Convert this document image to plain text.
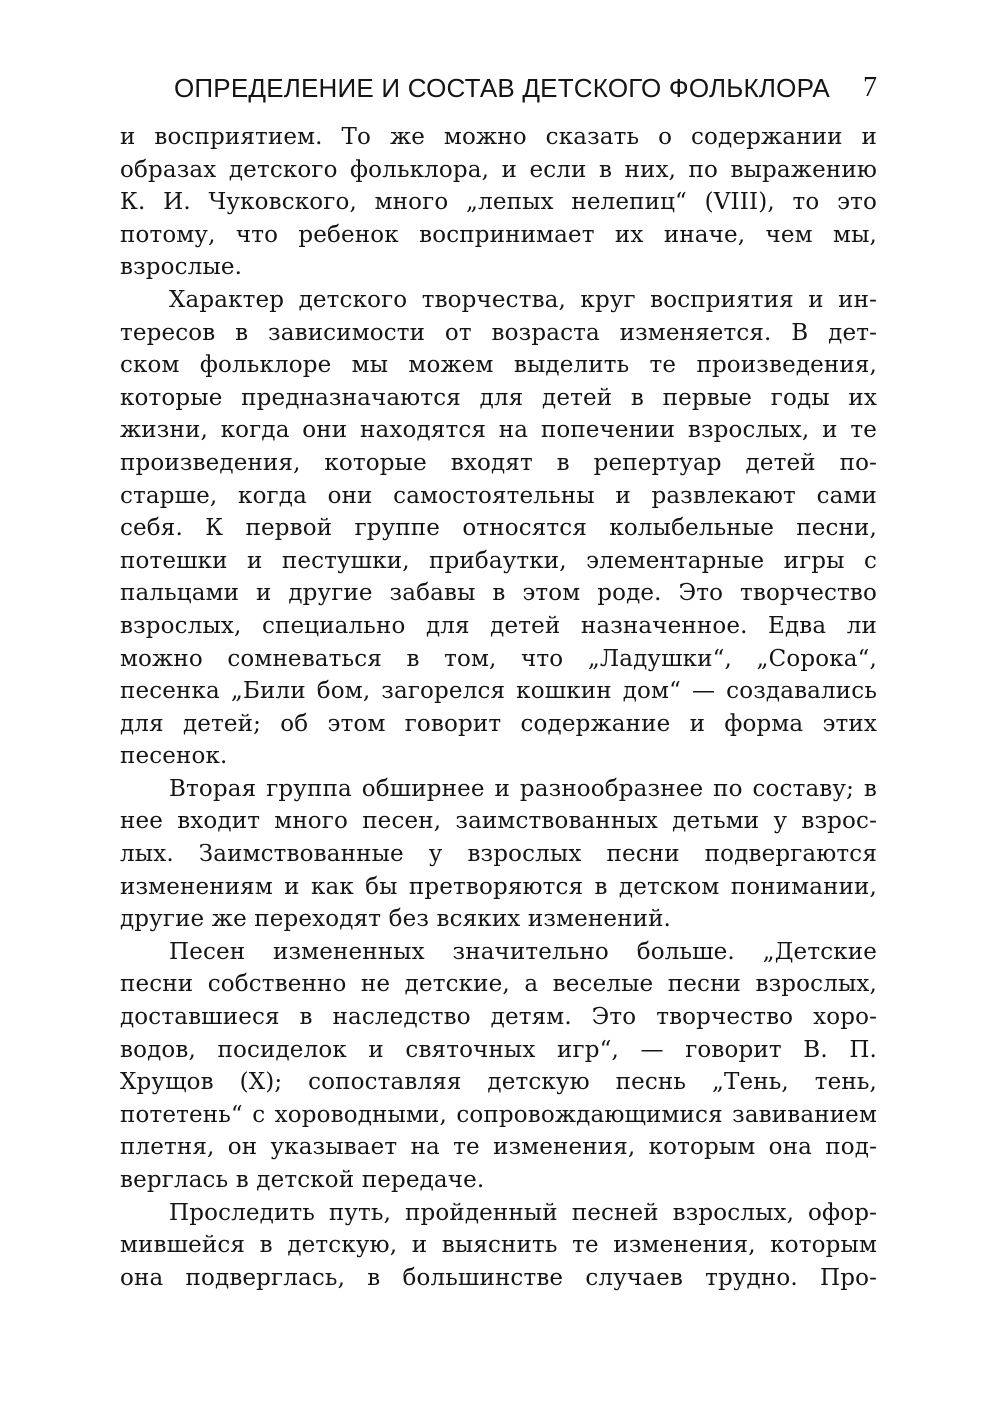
ОПРЕДЕЛЕНИЕ И СОСТАВ ДЕТСКОГО ФОЛЬКЛОРА 7

и восприятием. То же можно сказать о содержании и
образах детского фольклора, и если в них, по выражению
К. И. Чуковского, много „лепых нелепиц“ (VIII), то это
потому, что ребенок воспринимает их иначе, чем мы,
взрослые.

Характер детского творчества, круг восприятия и ин-
тересов в зависимости от возраста изменяется. В дет-
ском фольклоре мы можем выделить те произведения,
которые предназначаются для детей в первые годы их
жизни, когда они находятся на попечении взрослых, и те
произведения, которые входят в репертуар детей по-
старше, когда они самостоятельны и развлекают сами
себя. К первой группе относятся колыбельные песни,
потешки и пестушки, прибаутки, элементарные игры с
пальцами и другие забавы в этом роде. Это творчество
взрослых, специально для детей назначенное. Едва ли
можно сомневаться в том, что „Ладушки“, „Сорока“,
песенка „Били бом, загорелся кошкин дом“ — создавались
для детей; об этом говорит содержание и форма этих
песенок.

Вторая группа обширнее и разнообразнее по составу; в
нее входит много песен, заимствованных детьми у взрос-
лых. Заимствованные у взрослых песни подвергаются
изменениям и как бы претворяются в детском понимании,
другие же переходят без всяких изменений.

Песен измененных значительно больше. „Детские
песни собственно не детские, а веселые песни взрослых,
доставшиеся в наследство детям. Это творчество хоро-
водов, посиделок и святочных игр“, — говорит В. П.
Хрущов (X); сопоставляя детскую песнь „Тень, тень,
потетень“ с хороводными, сопровождающимися завиванием
плетня, он указывает на те изменения, которым она под-
верглась в детской передаче.

Проследить путь, пройденный песней взрослых, офор-
мившейся в детскую, и выяснить те изменения, которым
она подверглась, в большинстве случаев трудно. Про-
